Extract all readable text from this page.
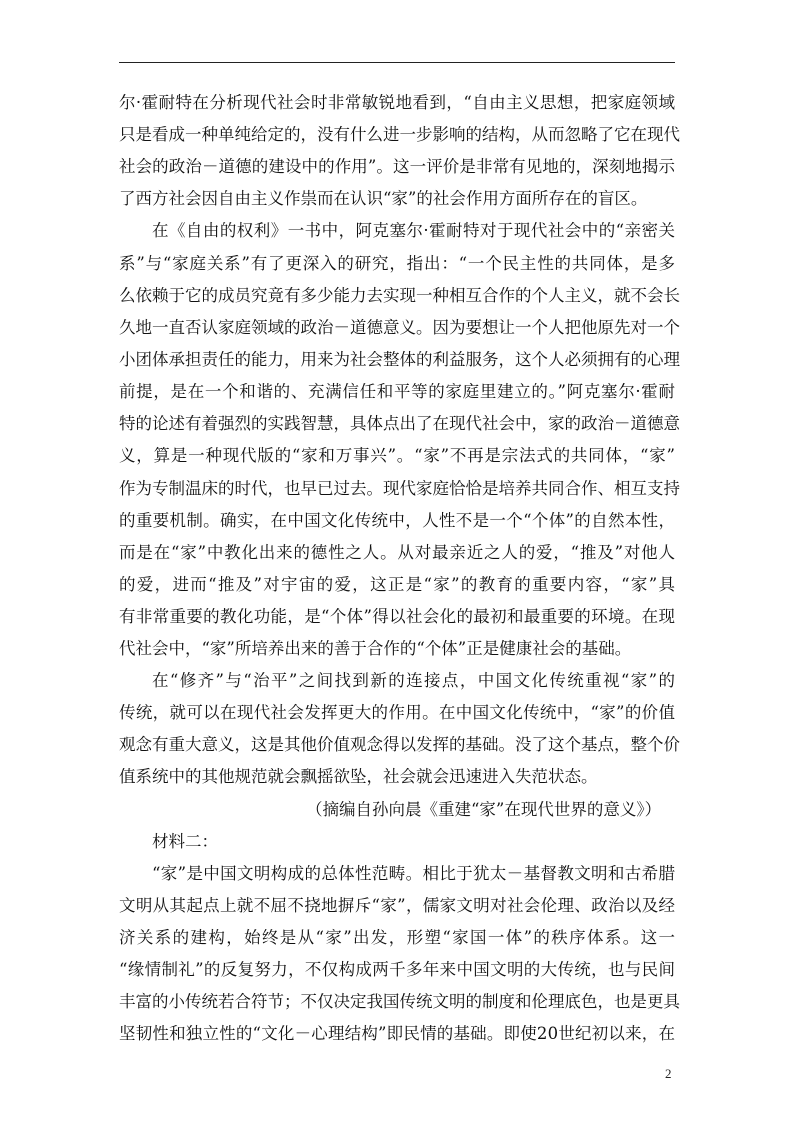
尔·霍耐特在分析现代社会时非常敏锐地看到，“自由主义思想，把家庭领域
只是看成一种单纯给定的，没有什么进一步影响的结构，从而忽略了它在现代
社会的政治－道德的建设中的作用”。这一评价是非常有见地的，深刻地揭示
了西方社会因自由主义作祟而在认识“家”的社会作用方面所存在的盲区。
在《自由的权利》一书中，阿克塞尔·霍耐特对于现代社会中的“亲密关
系”与“家庭关系”有了更深入的研究，指出：“一个民主性的共同体，是多
么依赖于它的成员究竟有多少能力去实现一种相互合作的个人主义，就不会长
久地一直否认家庭领域的政治－道德意义。因为要想让一个人把他原先对一个
小团体承担责任的能力，用来为社会整体的利益服务，这个人必须拥有的心理
前提，是在一个和谐的、充满信任和平等的家庭里建立的。”阿克塞尔·霍耐
特的论述有着强烈的实践智慧，具体点出了在现代社会中，家的政治－道德意
义，算是一种现代版的“家和万事兴”。“家”不再是宗法式的共同体，“家”
作为专制温床的时代，也早已过去。现代家庭恰恰是培养共同合作、相互支持
的重要机制。确实，在中国文化传统中，人性不是一个“个体”的自然本性，
而是在“家”中教化出来的德性之人。从对最亲近之人的爱，“推及”对他人
的爱，进而“推及”对宇宙的爱，这正是“家”的教育的重要内容，“家”具
有非常重要的教化功能，是“个体”得以社会化的最初和最重要的环境。在现
代社会中，“家”所培养出来的善于合作的“个体”正是健康社会的基础。
在“修齐”与“治平”之间找到新的连接点，中国文化传统重视“家”的
传统，就可以在现代社会发挥更大的作用。在中国文化传统中，“家”的价值
观念有重大意义，这是其他价值观念得以发挥的基础。没了这个基点，整个价
值系统中的其他规范就会飘摇欲坠，社会就会迅速进入失范状态。
（摘编自孙向晨《重建“家”在现代世界的意义》）
材料二：
“家”是中国文明构成的总体性范畴。相比于犹太－基督教文明和古希腊
文明从其起点上就不屈不挠地摒斥“家”，儒家文明对社会伦理、政治以及经
济关系的建构，始终是从“家”出发，形塑“家国一体”的秩序体系。这一
“缘情制礼”的反复努力，不仅构成两千多年来中国文明的大传统，也与民间
丰富的小传统若合符节；不仅决定我国传统文明的制度和伦理底色，也是更具
坚韧性和独立性的“文化－心理结构”即民情的基础。即使20世纪初以来，在
2
